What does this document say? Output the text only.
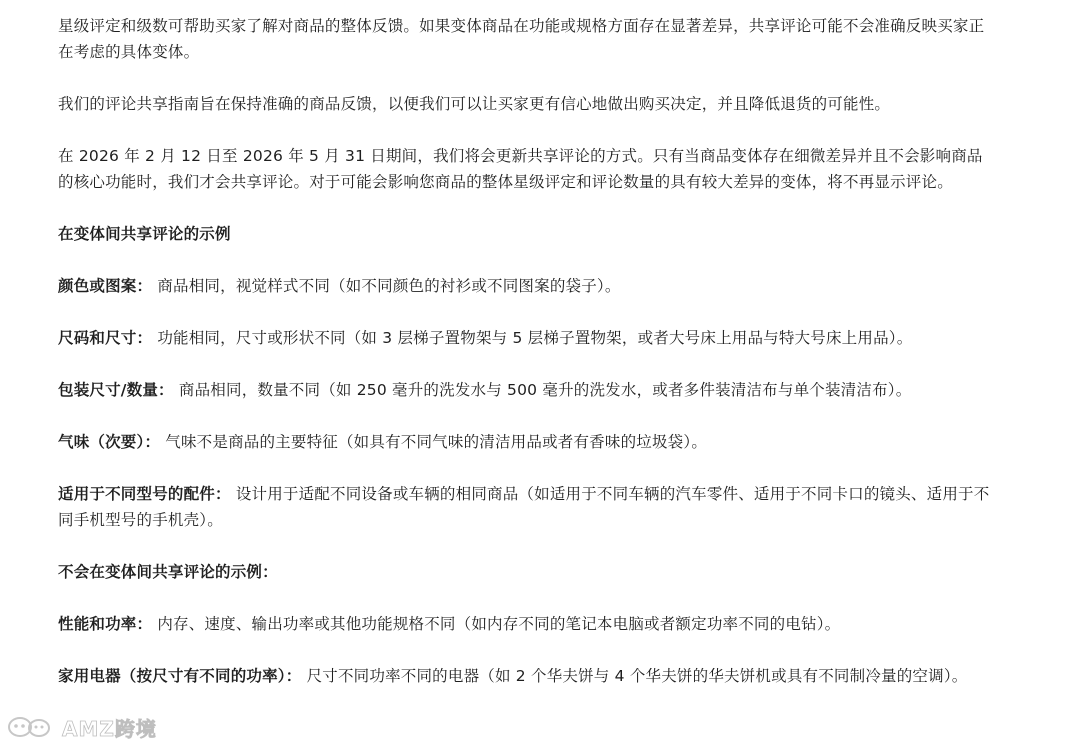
星级评定和级数可帮助买家了解对商品的整体反馈。如果变体商品在功能或规格方面存在显著差异，共享评论可能不会准确反映买家正在考虑的具体变体。

我们的评论共享指南旨在保持准确的商品反馈，以便我们可以让买家更有信心地做出购买决定，并且降低退货的可能性。

在 2026 年 2 月 12 日至 2026 年 5 月 31 日期间，我们将会更新共享评论的方式。只有当商品变体存在细微差异并且不会影响商品的核心功能时，我们才会共享评论。对于可能会影响您商品的整体星级评定和评论数量的具有较大差异的变体，将不再显示评论。

在变体间共享评论的示例

颜色或图案： 商品相同，视觉样式不同（如不同颜色的衬衫或不同图案的袋子）。

尺码和尺寸： 功能相同，尺寸或形状不同（如 3 层梯子置物架与 5 层梯子置物架，或者大号床上用品与特大号床上用品）。

包装尺寸/数量： 商品相同，数量不同（如 250 毫升的洗发水与 500 毫升的洗发水，或者多件装清洁布与单个装清洁布）。

气味（次要）： 气味不是商品的主要特征（如具有不同气味的清洁用品或者有香味的垃圾袋）。

适用于不同型号的配件： 设计用于适配不同设备或车辆的相同商品（如适用于不同车辆的汽车零件、适用于不同卡口的镜头、适用于不同手机型号的手机壳）。

不会在变体间共享评论的示例：

性能和功率： 内存、速度、输出功率或其他功能规格不同（如内存不同的笔记本电脑或者额定功率不同的电钻）。

家用电器（按尺寸有不同的功率）： 尺寸不同功率不同的电器（如 2 个华夫饼与 4 个华夫饼的华夫饼机或具有不同制冷量的空调）。

AMZ跨境
